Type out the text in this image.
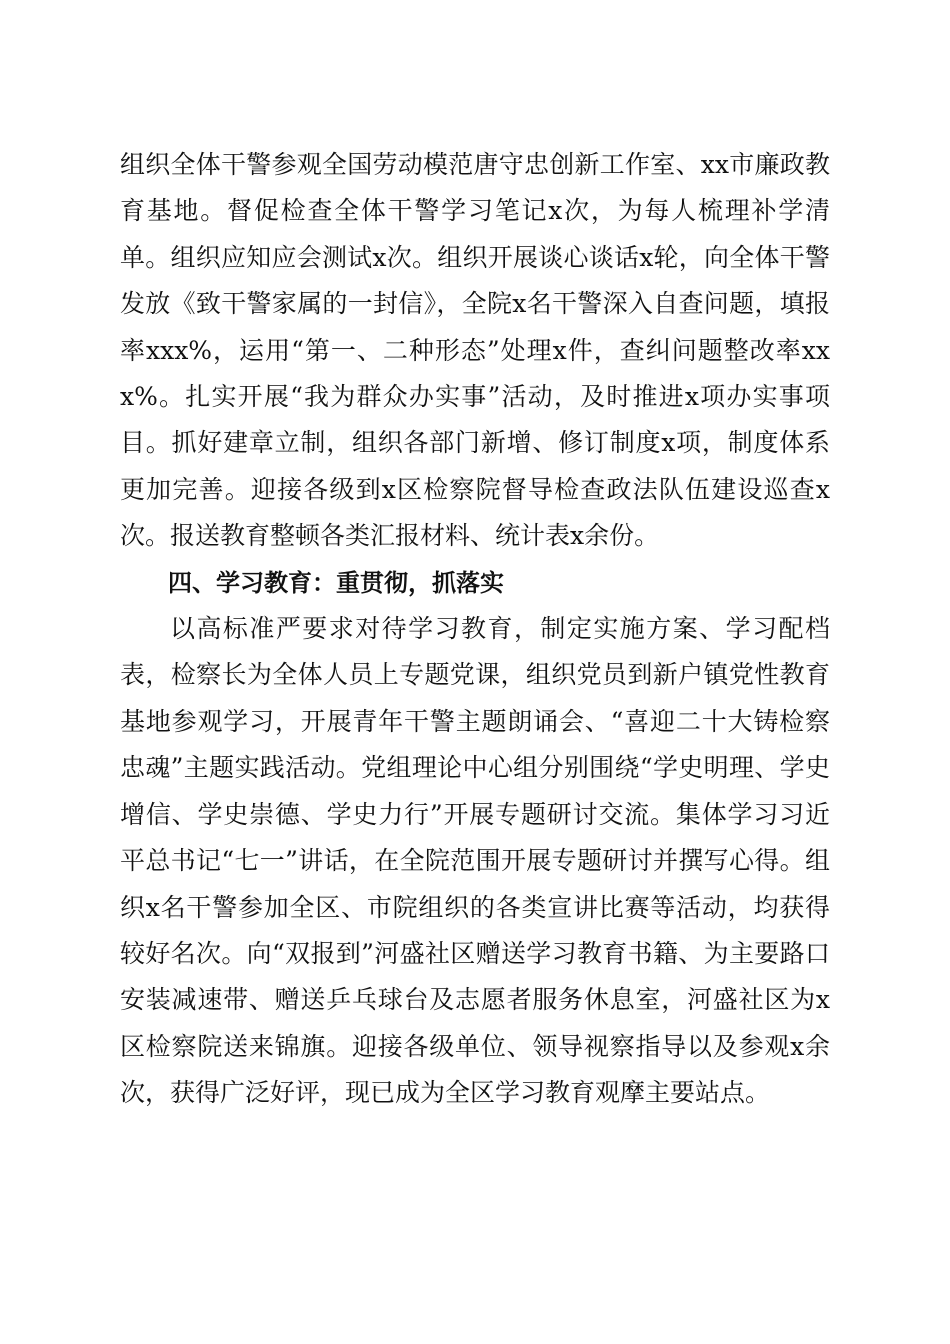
组织全体干警参观全国劳动模范唐守忠创新工作室、xx市廉政教育基地。督促检查全体干警学习笔记x次，为每人梳理补学清单。组织应知应会测试x次。组织开展谈心谈话x轮，向全体干警发放《致干警家属的一封信》，全院x名干警深入自查问题，填报率xxx%，运用“第一、二种形态”处理x件，查纠问题整改率xxx%。扎实开展“我为群众办实事”活动，及时推进x项办实事项目。抓好建章立制，组织各部门新增、修订制度x项，制度体系更加完善。迎接各级到x区检察院督导检查政法队伍建设巡查x次。报送教育整顿各类汇报材料、统计表x余份。

四、学习教育：重贯彻，抓落实

以高标准严要求对待学习教育，制定实施方案、学习配档表，检察长为全体人员上专题党课，组织党员到新户镇党性教育基地参观学习，开展青年干警主题朗诵会、“喜迎二十大铸检察忠魂”主题实践活动。党组理论中心组分别围绕“学史明理、学史增信、学史崇德、学史力行”开展专题研讨交流。集体学习习近平总书记“七一”讲话，在全院范围开展专题研讨并撰写心得。组织x名干警参加全区、市院组织的各类宣讲比赛等活动，均获得较好名次。向“双报到”河盛社区赠送学习教育书籍、为主要路口安装减速带、赠送乒乓球台及志愿者服务休息室，河盛社区为x区检察院送来锦旗。迎接各级单位、领导视察指导以及参观x余次，获得广泛好评，现已成为全区学习教育观摩主要站点。
